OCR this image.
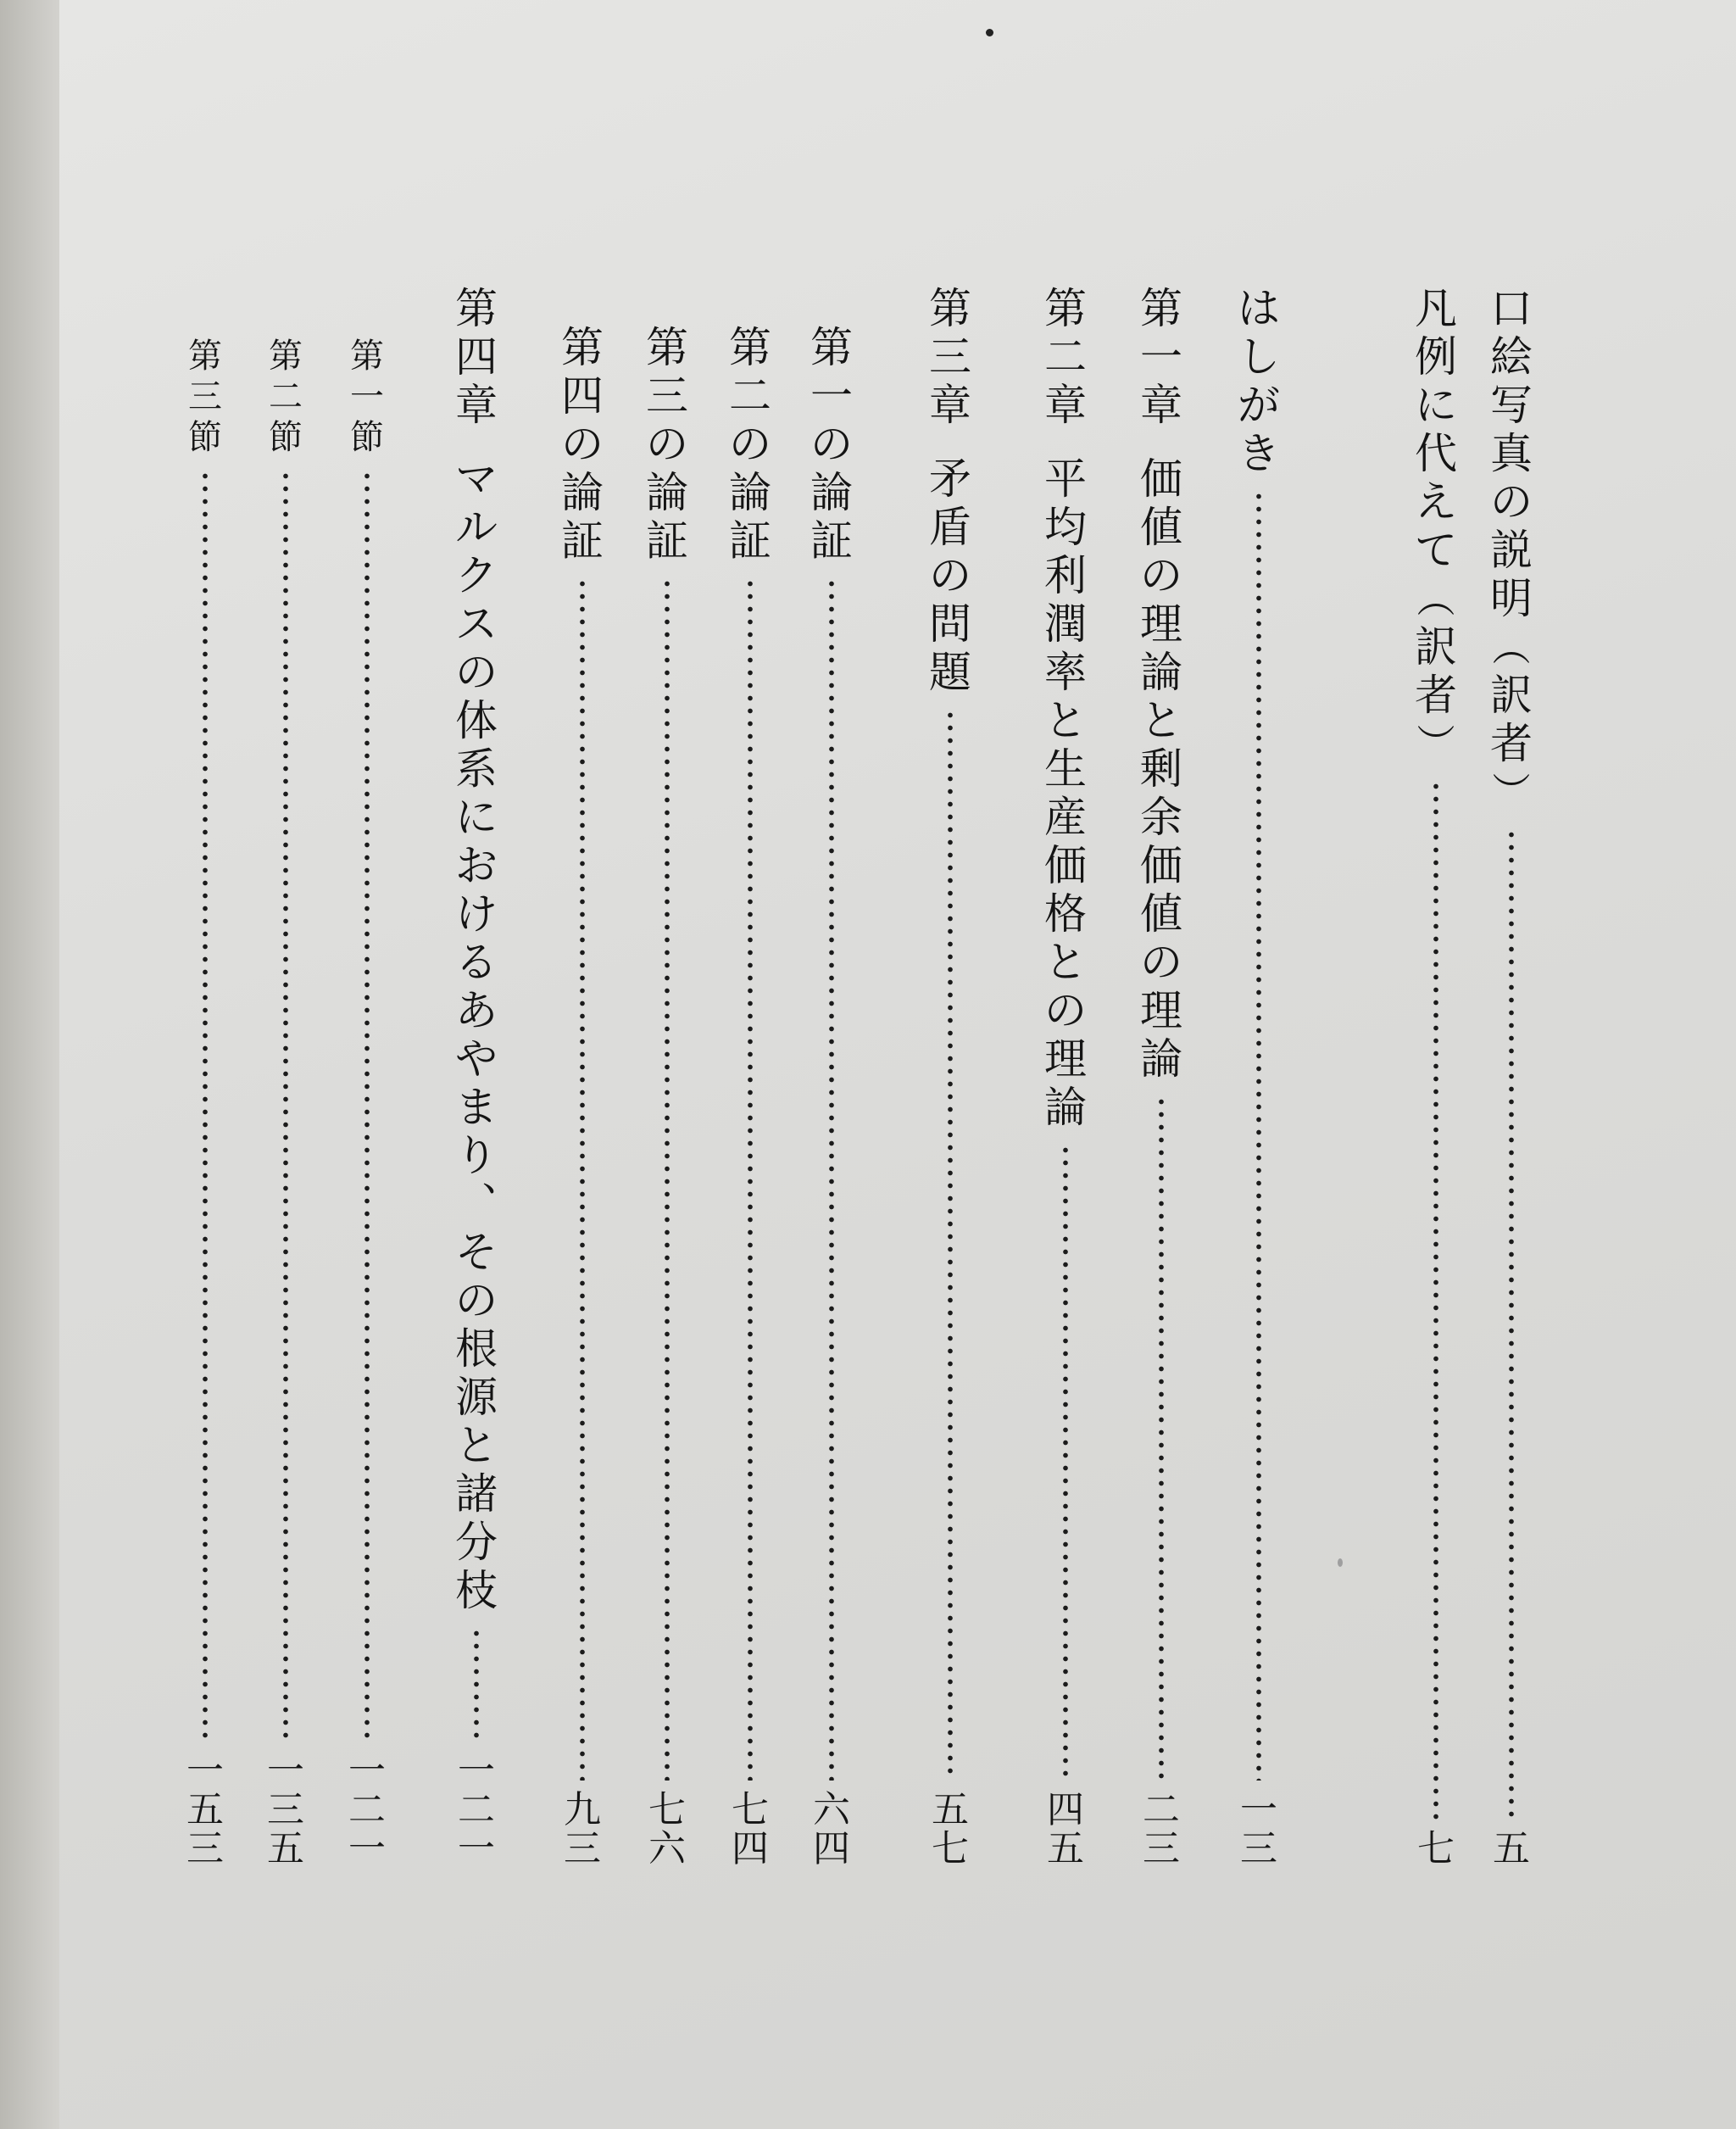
口
絵
写
真
の
説
明
︵
訳
者
︶
五
凡
例
に
代
え
て
︵
訳
者
︶
七
は
し
が
き
一
三
第
一
章

価
値
の
理
論
と
剰
余
価
値
の
理
論
二
三
第
二
章

平
均
利
潤
率
と
生
産
価
格
と
の
理
論
四
五
第
三
章

矛
盾
の
問
題
五
七
第
一
の
論
証
六
四
第
二
の
論
証
七
四
第
三
の
論
証
七
六
第
四
の
論
証
九
三
第
四
章

マ
ル
ク
ス
の
体
系
に
お
け
る
あ
や
ま
り
︑
そ
の
根
源
と
諸
分
枝
一
二
一
第
一
節
一
二
一
第
二
節
一
三
五
第
三
節
一
五
三
